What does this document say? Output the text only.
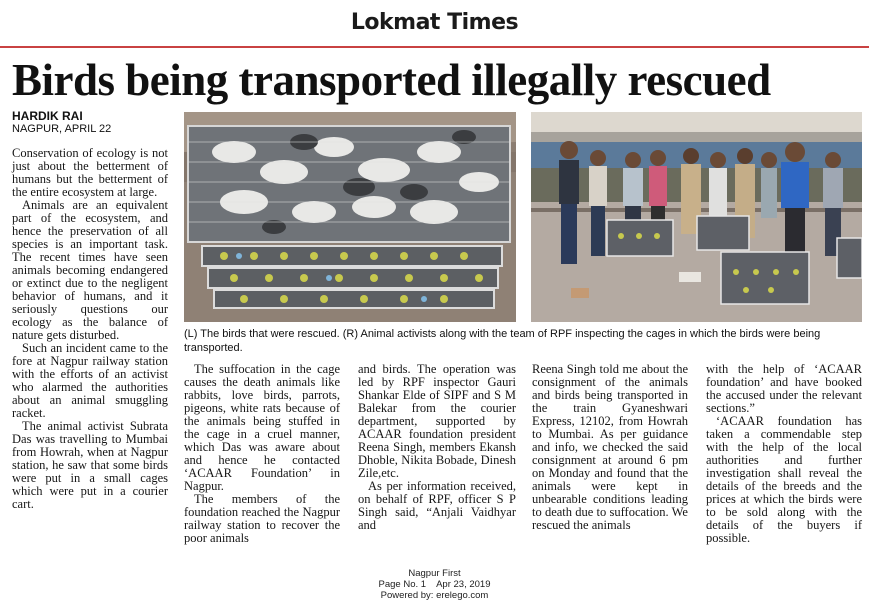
Lokmat Times
Birds being transported illegally rescued
HARDIK RAI
NAGPUR, APRIL 22

Conservation of ecology is not just about the betterment of humans but the betterment of the entire ecosystem at large.

Animals are an equivalent part of the ecosystem, and hence the preservation of all species is an important task. The recent times have seen animals becoming endangered or extinct due to the negligent behavior of humans, and it seriously questions our ecology as the balance of nature gets disturbed.

Such an incident came to the fore at Nagpur railway station with the efforts of an activist who alarmed the authorities about an animal smuggling racket.

The animal activist Subrata Das was travelling to Mumbai from Howrah, when at Nagpur station, he saw that some birds were put in a small cages which were put in a courier cart.

(L) The birds that were rescued. (R) Animal activists along with the team of RPF inspecting the cages in which the birds were being transported.

The suffocation in the cage causes the death animals like rabbits, love birds, parrots, pigeons, white rats because of the animals being stuffed in the cage in a cruel manner, which Das was aware about and hence he contacted ‘ACAAR Foundation’ in Nagpur.

The members of the foundation reached the Nagpur railway station to recover the poor animals

and birds. The operation was led by RPF inspector Gauri Shankar Elde of SIPF and S M Balekar from the courier department, supported by ACAAR foundation president Reena Singh, members Ekansh Dhoble, Nikita Bobade, Dinesh Zile,etc.

As per information received, on behalf of RPF, officer S P Singh said, “Anjali Vaidhyar and

Reena Singh told me about the consignment of the animals and birds being transported in the train Gyaneshwari Express, 12102, from Howrah to Mumbai. As per guidance and info, we checked the said consignment at around 6 pm on Monday and found that the animals were kept in unbearable conditions leading to death due to suffocation. We rescued the animals

with the help of ‘ACAAR foundation’ and have booked the accused under the relevant sections.”

‘ACAAR foundation has taken a commendable step with the help of the local authorities and further investigation shall reveal the details of the breeds and the prices at which the birds were to be sold along with the details of the buyers if possible.

Nagpur First
Page No. 1    Apr 23, 2019
Powered by: erelego.com
